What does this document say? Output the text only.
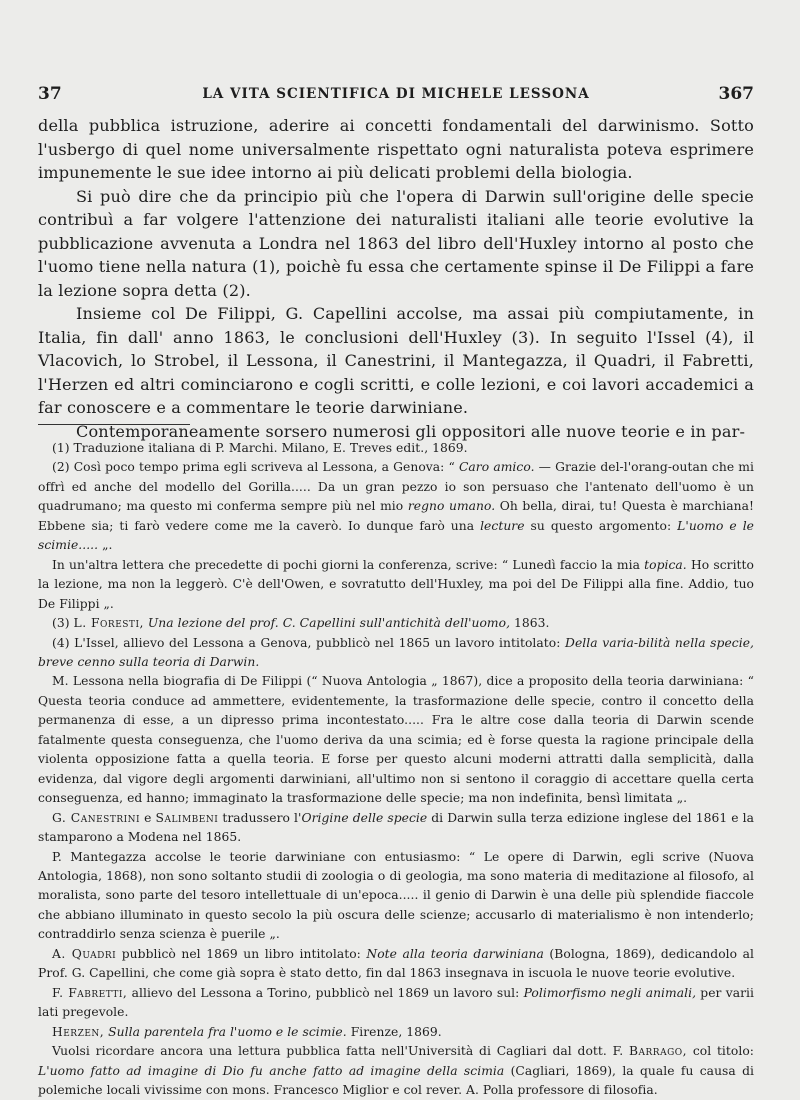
37	LA VITA SCIENTIFICA DI MICHELE LESSONA	367

della pubblica istruzione, aderire ai concetti fondamentali del darwinismo. Sotto l'usbergo di quel nome universalmente rispettato ogni naturalista poteva esprimere impunemente le sue idee intorno ai più delicati problemi della biologia.

Si può dire che da principio più che l'opera di Darwin sull'origine delle specie contribuì a far volgere l'attenzione dei naturalisti italiani alle teorie evolutive la pubblicazione avvenuta a Londra nel 1863 del libro dell'Huxley intorno al posto che l'uomo tiene nella natura (1), poichè fu essa che certamente spinse il De Filippi a fare la lezione sopra detta (2).

Insieme col De Filippi, G. Capellini accolse, ma assai più compiutamente, in Italia, fin dall' anno 1863, le conclusioni dell'Huxley (3). In seguito l'Issel (4), il Vlacovich, lo Strobel, il Lessona, il Canestrini, il Mantegazza, il Quadri, il Fabretti, l'Herzen ed altri cominciarono e cogli scritti, e colle lezioni, e coi lavori accademici a far conoscere e a commentare le teorie darwiniane.

Contemporaneamente sorsero numerosi gli oppositori alle nuove teorie e in par-

(1) Traduzione italiana di P. Marchi. Milano, E. Treves edit., 1869.

(2) Così poco tempo prima egli scriveva al Lessona, a Genova: “ Caro amico. — Grazie del-l'orang-outan che mi offrì ed anche del modello del Gorilla..... Da un gran pezzo io son persuaso che l'antenato dell'uomo è un quadrumano; ma questo mi conferma sempre più nel mio regno umano. Oh bella, dirai, tu! Questa è marchiana! Ebbene sia; ti farò vedere come me la caverò. Io dunque farò una lecture su questo argomento: L'uomo e le scimie..... „.

In un'altra lettera che precedette di pochi giorni la conferenza, scrive: “ Lunedì faccio la mia topica. Ho scritto la lezione, ma non la leggerò. C'è dell'Owen, e sovratutto dell'Huxley, ma poi del De Filippi alla fine. Addio, tuo De Filippi „.

(3) L. Foresti, Una lezione del prof. C. Capellini sull'antichità dell'uomo, 1863.

(4) L'Issel, allievo del Lessona a Genova, pubblicò nel 1865 un lavoro intitolato: Della varia-bilità nella specie, breve cenno sulla teoria di Darwin.

M. Lessona nella biografia di De Filippi (“ Nuova Antologia „ 1867), dice a proposito della teoria darwiniana: “ Questa teoria conduce ad ammettere, evidentemente, la trasformazione delle specie, contro il concetto della permanenza di esse, a un dipresso prima incontestato..... Fra le altre cose dalla teoria di Darwin scende fatalmente questa conseguenza, che l'uomo deriva da una scimia; ed è forse questa la ragione principale della violenta opposizione fatta a quella teoria. E forse per questo alcuni moderni attratti dalla semplicità, dalla evidenza, dal vigore degli argomenti darwiniani, all'ultimo non si sentono il coraggio di accettare quella certa conseguenza, ed hanno; immaginato la trasformazione delle specie; ma non indefinita, bensì limitata „.

G. Canestrini e Salimbeni tradussero l'Origine delle specie di Darwin sulla terza edizione inglese del 1861 e la stamparono a Modena nel 1865.

P. Mantegazza accolse le teorie darwiniane con entusiasmo: “ Le opere di Darwin, egli scrive (Nuova Antologia, 1868), non sono soltanto studii di zoologia o di geologia, ma sono materia di meditazione al filosofo, al moralista, sono parte del tesoro intellettuale di un'epoca..... il genio di Darwin è una delle più splendide fiaccole che abbiano illuminato in questo secolo la più oscura delle scienze; accusarlo di materialismo è non intenderlo; contraddirlo senza scienza è puerile „.

A. Quadri pubblicò nel 1869 un libro intitolato: Note alla teoria darwiniana (Bologna, 1869), dedicandolo al Prof. G. Capellini, che come già sopra è stato detto, fin dal 1863 insegnava in iscuola le nuove teorie evolutive.

F. Fabretti, allievo del Lessona a Torino, pubblicò nel 1869 un lavoro sul: Polimorfismo negli animali, per varii lati pregevole.

Herzen, Sulla parentela fra l'uomo e le scimie. Firenze, 1869.

Vuolsi ricordare ancora una lettura pubblica fatta nell'Università di Cagliari dal dott. F. Barrago, col titolo: L'uomo fatto ad imagine di Dio fu anche fatto ad imagine della scimia (Cagliari, 1869), la quale fu causa di polemiche locali vivissime con mons. Francesco Miglior e col rever. A. Polla professore di filosofia.
